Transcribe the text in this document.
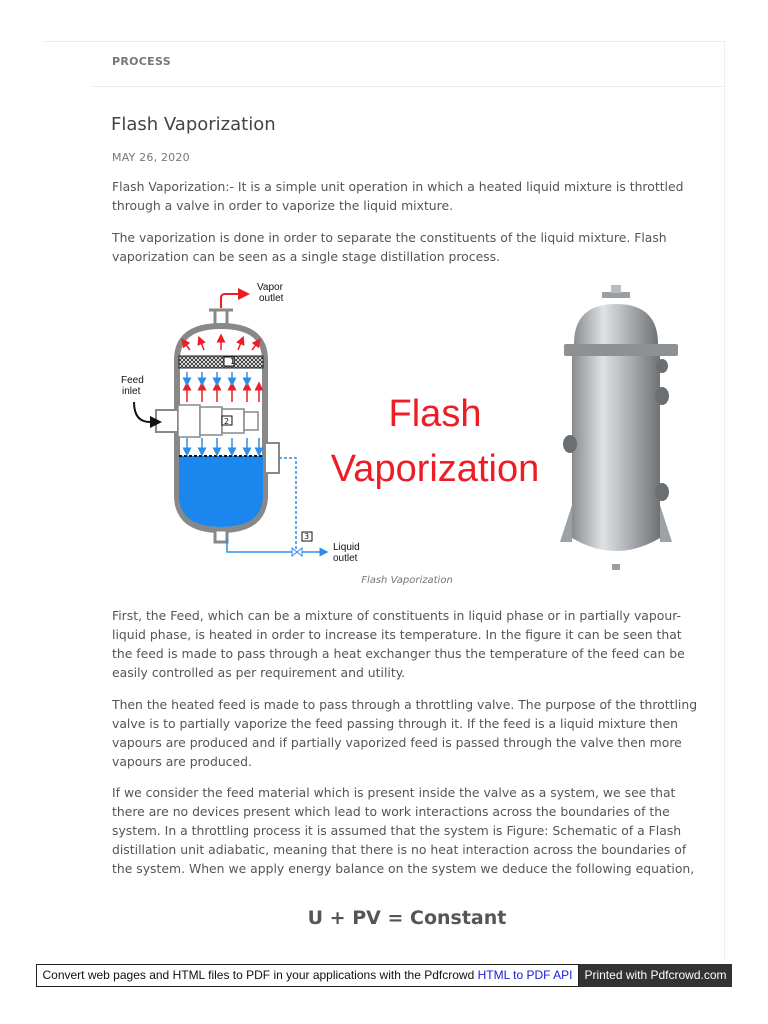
PROCESS
Flash Vaporization
MAY 26, 2020

Flash Vaporization:- It is a simple unit operation in which a heated liquid mixture is throttled through a valve in order to vaporize the liquid mixture.

The vaporization is done in order to separate the constituents of the liquid mixture. Flash vaporization can be seen as a single stage distillation process.

1
2
3
Vapor
outlet
Feed
inlet
Liquid
outlet
Flash
Vaporization
Flash Vaporization

First, the Feed, which can be a mixture of constituents in liquid phase or in partially vapour-liquid phase, is heated in order to increase its temperature. In the figure it can be seen that the feed is made to pass through a heat exchanger thus the temperature of the feed can be easily controlled as per requirement and utility.

Then the heated feed is made to pass through a throttling valve. The purpose of the throttling valve is to partially vaporize the feed passing through it. If the feed is a liquid mixture then vapours are produced and if partially vaporized feed is passed through the valve then more vapours are produced.

If we consider the feed material which is present inside the valve as a system, we see that there are no devices present which lead to work interactions across the boundaries of the system. In a throttling process it is assumed that the system is Figure: Schematic of a Flash distillation unit adiabatic, meaning that there is no heat interaction across the boundaries of the system. When we apply energy balance on the system we deduce the following equation,

U + PV = Constant
Convert web pages and HTML files to PDF in your applications with the Pdfcrowd HTML to PDF API Printed with Pdfcrowd.com
